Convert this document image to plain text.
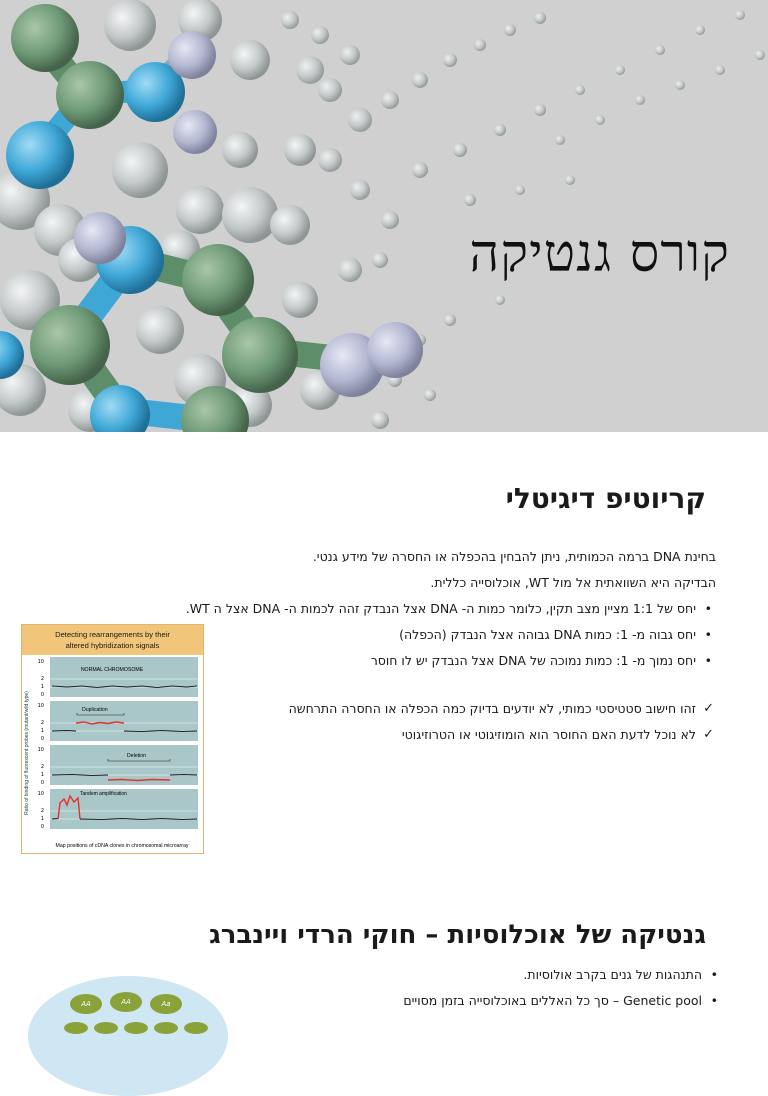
קורס גנטיקה
קריוטיפ דיגיטלי
בחינת DNA ברמה הכמותית, ניתן להבחין בהכפלה או החסרה של מידע גנטי.
הבדיקה היא השוואתית אל מול WT, אוכלוסייה כללית.
• יחס של 1:1 מציין מצב תקין, כלומר כמות ה- DNA אצל הנבדק זהה לכמות ה- DNA אצל ה WT.
• יחס גבוה מ- 1: כמות DNA גבוהה אצל הנבדק (הכפלה)
• יחס נמוך מ- 1: כמות נמוכה של DNA אצל הנבדק יש לו חוסר
✓ זהו חישוב סטטיסטי כמותי, לא יודעים בדיוק כמה הכפלה או החסרה התרחשה
✓ לא נוכל לדעת האם החוסר הוא הומוזיגוטי או הטרוזיגוטי
Detecting rearrangements by their
altered hybridization signals
Ratio of binding of fluorescent probes (mutant/wild type)
10
2
1
0
NORMAL CHROMOSOME
10
2
1
0
Duplication
10
2
1
0
Deletion
10
2
1
0
Tandem amplification
Map positions of cDNA clones in chromosomal microarray
גנטיקה של אוכלוסיות – חוקי הרדי ויינברג
• התנהגות של גנים בקרב אולוסיות.
• Genetic pool – סך כל האללים באוכלוסייה בזמן מסויים
AA	AA	Aa
